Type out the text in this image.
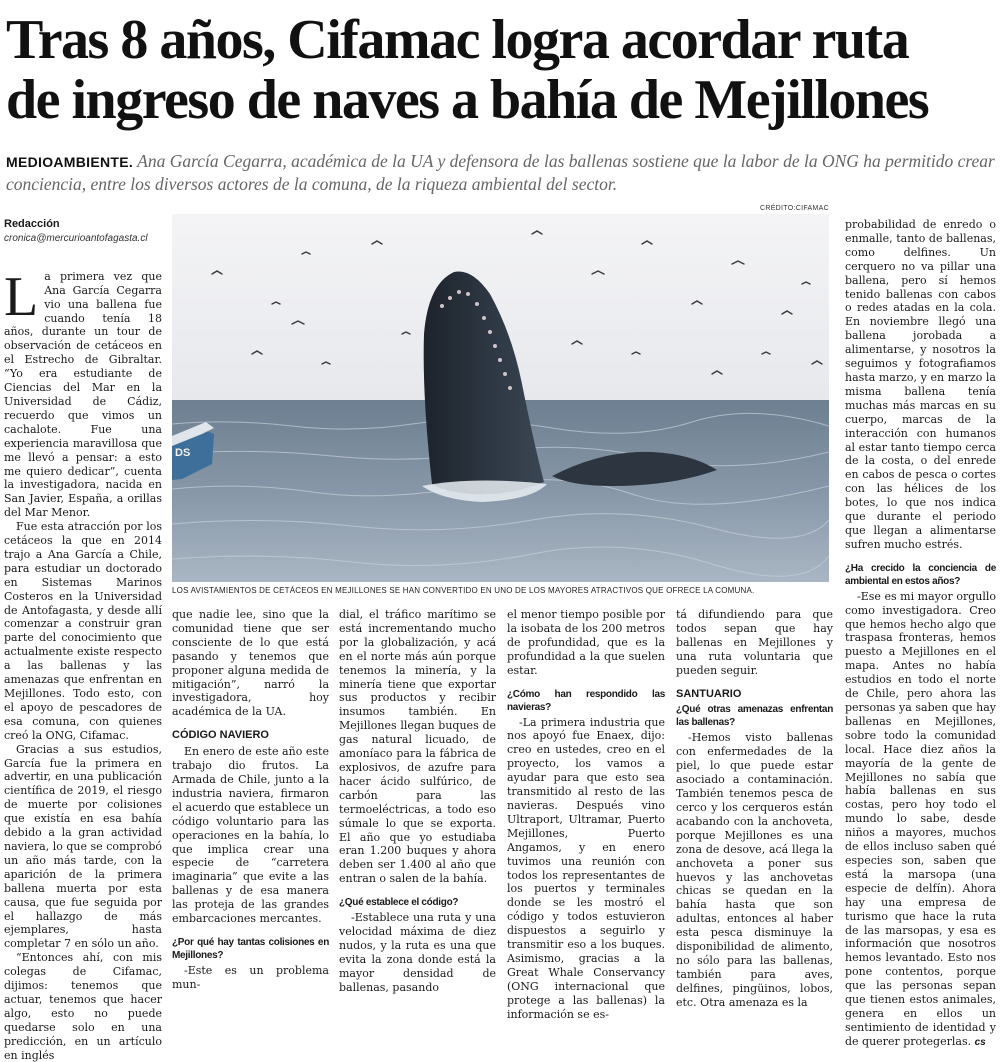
Tras 8 años, Cifamac logra acordar ruta
de ingreso de naves a bahía de Mejillones
MEDIOAMBIENTE. Ana García Cegarra, académica de la UA y defensora de las ballenas sostiene que la labor de la ONG ha permitido crear conciencia, entre los diversos actores de la comuna, de la riqueza ambiental del sector.
CRÉDITO:CIFAMAC
Redacción
cronica@mercurioantofagasta.cl

La primera vez que Ana García Cegarra vio una ballena fue cuando tenía 18 años, durante un tour de observación de cetáceos en el Estrecho de Gibraltar. “Yo era estudiante de Ciencias del Mar en la Universidad de Cádiz, recuerdo que vimos un cachalote. Fue una experiencia maravillosa que me llevó a pensar: a esto me quiero dedicar”, cuenta la investigadora, nacida en San Javier, España, a orillas del Mar Menor.

Fue esta atracción por los cetáceos la que en 2014 trajo a Ana García a Chile, para estudiar un doctorado en Sistemas Marinos Costeros en la Universidad de Antofagasta, y desde allí comenzar a construir gran parte del conocimiento que actualmente existe respecto a las ballenas y las amenazas que enfrentan en Mejillones. Todo esto, con el apoyo de pescadores de esa comuna, con quienes creó la ONG, Cifamac.

Gracias a sus estudios, García fue la primera en advertir, en una publicación científica de 2019, el riesgo de muerte por colisiones que existía en esa bahía debido a la gran actividad naviera, lo que se comprobó un año más tarde, con la aparición de la primera ballena muerta por esta causa, que fue seguida por el hallazgo de más ejemplares, hasta completar 7 en sólo un año.

“Entonces ahí, con mis colegas de Cifamac, dijimos: tenemos que actuar, tenemos que hacer algo, esto no puede quedarse solo en una predicción, en un artículo en inglés

DS
LOS AVISTAMIENTOS DE CETÁCEOS EN MEJILLONES SE HAN CONVERTIDO EN UNO DE LOS MAYORES ATRACTIVOS QUE OFRECE LA COMUNA.

que nadie lee, sino que la comunidad tiene que ser consciente de lo que está pasando y tenemos que proponer alguna medida de mitigación”, narró la investigadora, hoy académica de la UA.

CÓDIGO NAVIERO

En enero de este año este trabajo dio frutos. La Armada de Chile, junto a la industria naviera, firmaron el acuerdo que establece un código voluntario para las operaciones en la bahía, lo que implica crear una especie de “carretera imaginaria” que evite a las ballenas y de esa manera las proteja de las grandes embarcaciones mercantes.

¿Por qué hay tantas colisiones en Mejillones?

-Este es un problema mun-

dial, el tráfico marítimo se está incrementando mucho por la globalización, y acá en el norte más aún porque tenemos la minería, y la minería tiene que exportar sus productos y recibir insumos también. En Mejillones llegan buques de gas natural licuado, de amoníaco para la fábrica de explosivos, de azufre para hacer ácido sulfúrico, de carbón para las termoeléctricas, a todo eso súmale lo que se exporta. El año que yo estudiaba eran 1.200 buques y ahora deben ser 1.400 al año que entran o salen de la bahía.

¿Qué establece el código?

-Establece una ruta y una velocidad máxima de diez nudos, y la ruta es una que evita la zona donde está la mayor densidad de ballenas, pasando

el menor tiempo posible por la isobata de los 200 metros de profundidad, que es la profundidad a la que suelen estar.

¿Cómo han respondido las navieras?

-La primera industria que nos apoyó fue Enaex, dijo: creo en ustedes, creo en el proyecto, los vamos a ayudar para que esto sea transmitido al resto de las navieras. Después vino Ultraport, Ultramar, Puerto Mejillones, Puerto Angamos, y en enero tuvimos una reunión con todos los representantes de los puertos y terminales donde se les mostró el código y todos estuvieron dispuestos a seguirlo y transmitir eso a los buques. Asimismo, gracias a la Great Whale Conservancy (ONG internacional que protege a las ballenas) la información se es-

tá difundiendo para que todos sepan que hay ballenas en Mejillones y una ruta voluntaria que pueden seguir.

SANTUARIO
¿Qué otras amenazas enfrentan las ballenas?

-Hemos visto ballenas con enfermedades de la piel, lo que puede estar asociado a contaminación. También tenemos pesca de cerco y los cerqueros están acabando con la anchoveta, porque Mejillones es una zona de desove, acá llega la anchoveta a poner sus huevos y las anchovetas chicas se quedan en la bahía hasta que son adultas, entonces al haber esta pesca disminuye la disponibilidad de alimento, no sólo para las ballenas, también para aves, delfines, pingüinos, lobos, etc. Otra amenaza es la

probabilidad de enredo o enmalle, tanto de ballenas, como delfines. Un cerquero no va pillar una ballena, pero sí hemos tenido ballenas con cabos o redes atadas en la cola. En noviembre llegó una ballena jorobada a alimentarse, y nosotros la seguimos y fotografiamos hasta marzo, y en marzo la misma ballena tenía muchas más marcas en su cuerpo, marcas de la interacción con humanos al estar tanto tiempo cerca de la costa, o del enrede en cabos de pesca o cortes con las hélices de los botes, lo que nos indica que durante el periodo que llegan a alimentarse sufren mucho estrés.

¿Ha crecido la conciencia de ambiental en estos años?

-Ese es mi mayor orgullo como investigadora. Creo que hemos hecho algo que traspasa fronteras, hemos puesto a Mejillones en el mapa. Antes no había estudios en todo el norte de Chile, pero ahora las personas ya saben que hay ballenas en Mejillones, sobre todo la comunidad local. Hace diez años la mayoría de la gente de Mejillones no sabía que había ballenas en sus costas, pero hoy todo el mundo lo sabe, desde niños a mayores, muchos de ellos incluso saben qué especies son, saben que está la marsopa (una especie de delfín). Ahora hay una empresa de turismo que hace la ruta de las marsopas, y esa es información que nosotros hemos levantado. Esto nos pone contentos, porque que las personas sepan que tienen estos animales, genera en ellos un sentimiento de identidad y de querer protegerlas. cs
